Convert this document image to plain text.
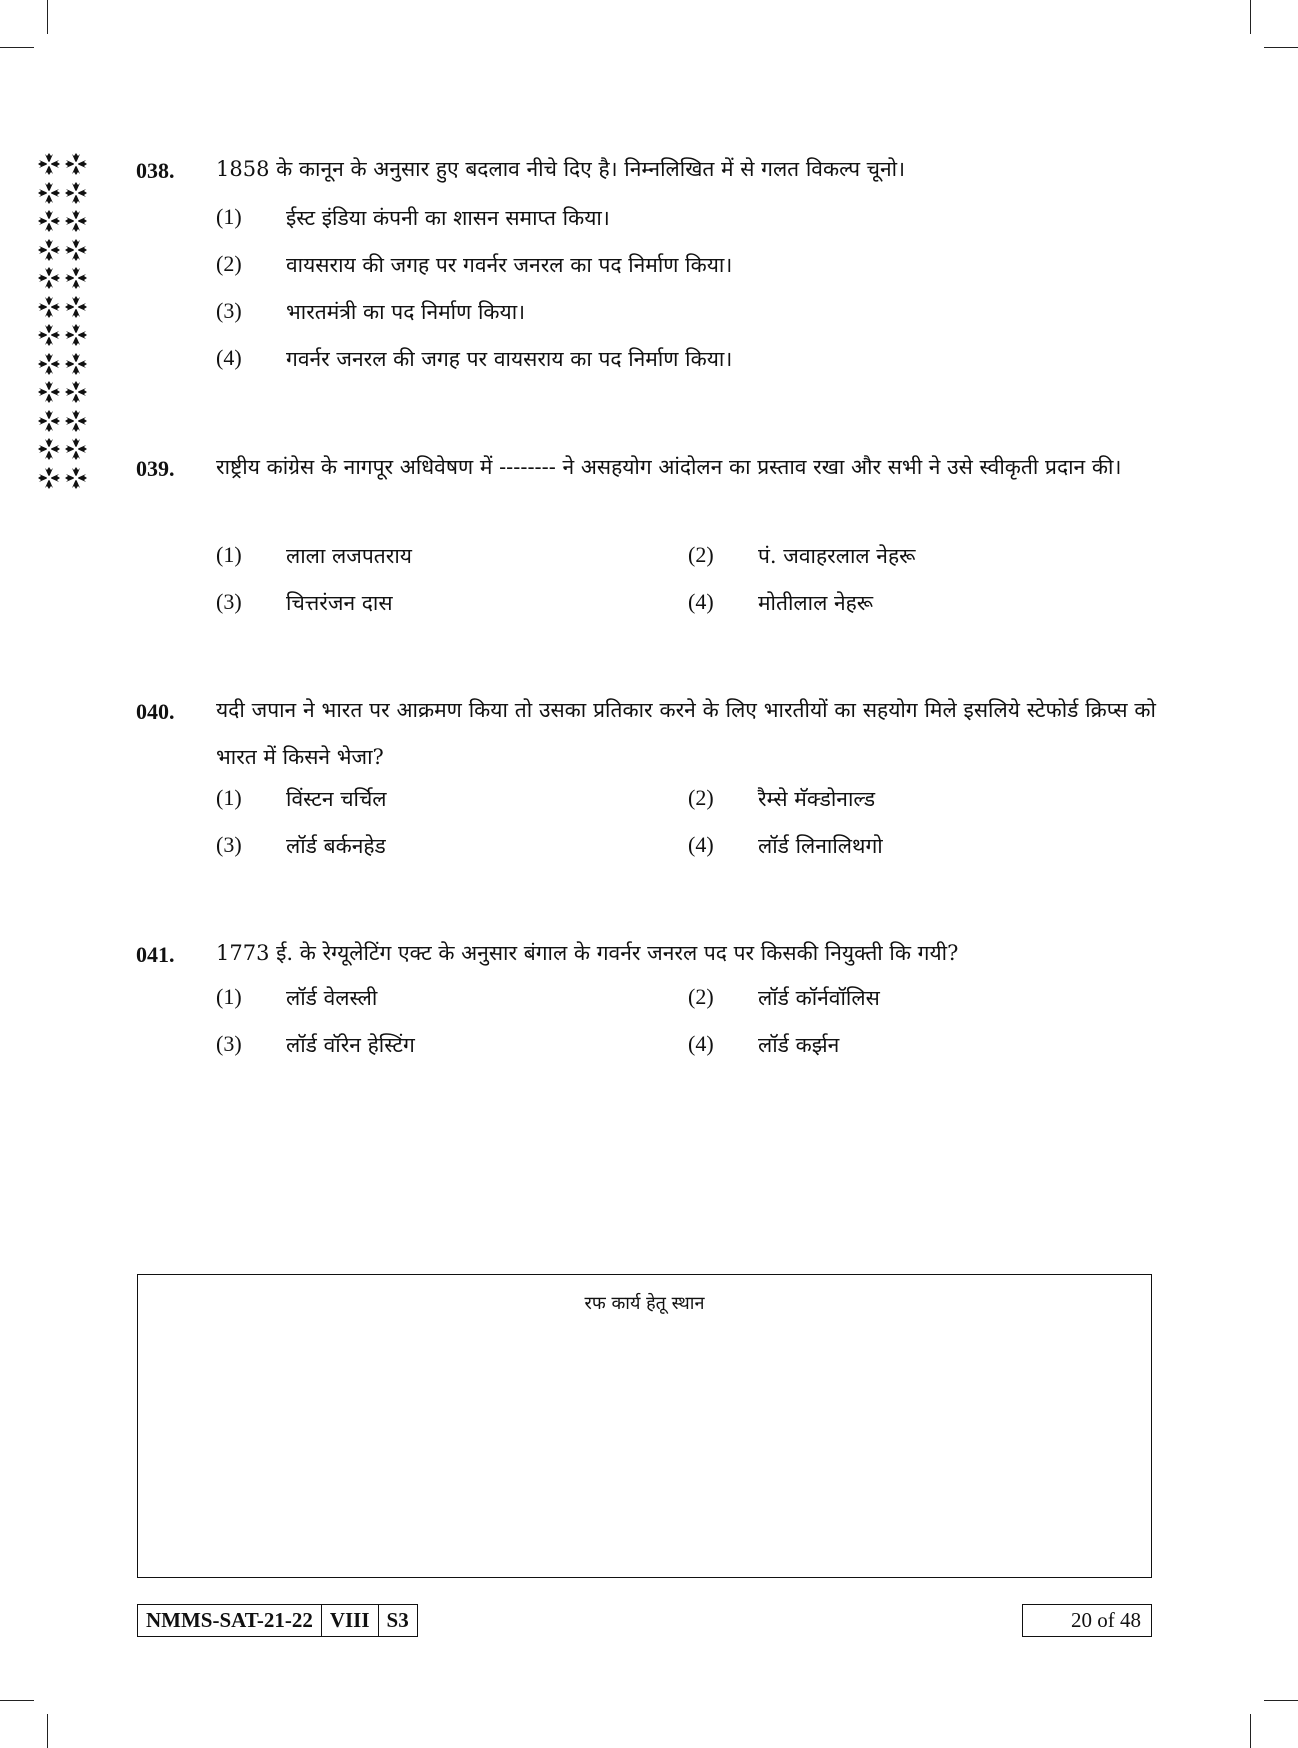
038. 1858 के कानून के अनुसार हुए बदलाव नीचे दिए है। निम्नलिखित में से गलत विकल्प चूनो।
(1) ईस्ट इंडिया कंपनी का शासन समाप्त किया।
(2) वायसराय की जगह पर गवर्नर जनरल का पद निर्माण किया।
(3) भारतमंत्री का पद निर्माण किया।
(4) गवर्नर जनरल की जगह पर वायसराय का पद निर्माण किया।
039. राष्ट्रीय कांग्रेस के नागपूर अधिवेषण में -------- ने असहयोग आंदोलन का प्रस्ताव रखा और सभी ने उसे स्वीकृती प्रदान की।
(1) लाला लजपतराय	(2) पं. जवाहरलाल नेहरू
(3) चित्तरंजन दास	(4) मोतीलाल नेहरू
040. यदी जपान ने भारत पर आक्रमण किया तो उसका प्रतिकार करने के लिए भारतीयों का सहयोग मिले इसलिये स्टेफोर्ड क्रिप्स को भारत में किसने भेजा?
(1) विंस्टन चर्चिल	(2) रैम्से मॅक्डोनाल्ड
(3) लॉर्ड बर्कनहेड	(4) लॉर्ड लिनालिथगो
041. 1773 ई. के रेग्यूलेटिंग एक्ट के अनुसार बंगाल के गवर्नर जनरल पद पर किसकी नियुक्ती कि गयी?
(1) लॉर्ड वेलस्ली	(2) लॉर्ड कॉर्नवॉलिस
(3) लॉर्ड वॉरेन हेस्टिंग	(4) लॉर्ड कर्झन
रफ कार्य हेतू स्थान
NMMS-SAT-21-22 VIII S3	20 of 48
